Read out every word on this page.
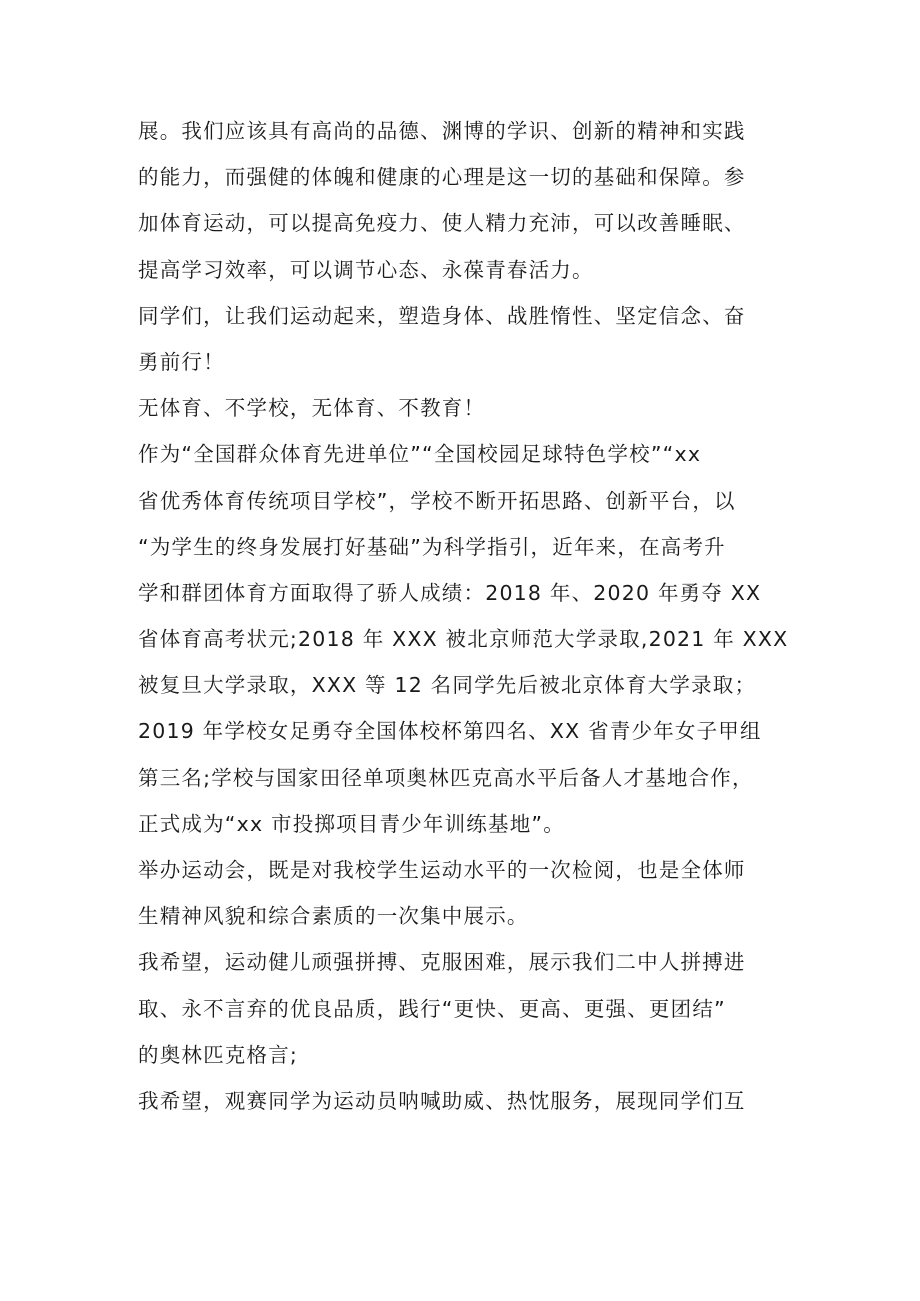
展。我们应该具有高尚的品德、渊博的学识、创新的精神和实践
的能力，而强健的体魄和健康的心理是这一切的基础和保障。参
加体育运动，可以提高免疫力、使人精力充沛，可以改善睡眠、
提高学习效率，可以调节心态、永葆青春活力。
同学们，让我们运动起来，塑造身体、战胜惰性、坚定信念、奋
勇前行！
无体育、不学校，无体育、不教育！
作为“全国群众体育先进单位”“全国校园足球特色学校”“xx
省优秀体育传统项目学校”，学校不断开拓思路、创新平台，以
“为学生的终身发展打好基础”为科学指引，近年来，在高考升
学和群团体育方面取得了骄人成绩：2018 年、2020 年勇夺 XX
省体育高考状元;2018 年 XXX 被北京师范大学录取,2021 年 XXX
被复旦大学录取，XXX 等 12 名同学先后被北京体育大学录取；
2019 年学校女足勇夺全国体校杯第四名、XX 省青少年女子甲组
第三名;学校与国家田径单项奥林匹克高水平后备人才基地合作，
正式成为“xx 市投掷项目青少年训练基地”。
举办运动会，既是对我校学生运动水平的一次检阅，也是全体师
生精神风貌和综合素质的一次集中展示。
我希望，运动健儿顽强拼搏、克服困难，展示我们二中人拼搏进
取、永不言弃的优良品质，践行“更快、更高、更强、更团结”
的奥林匹克格言;
我希望，观赛同学为运动员呐喊助威、热忱服务，展现同学们互
